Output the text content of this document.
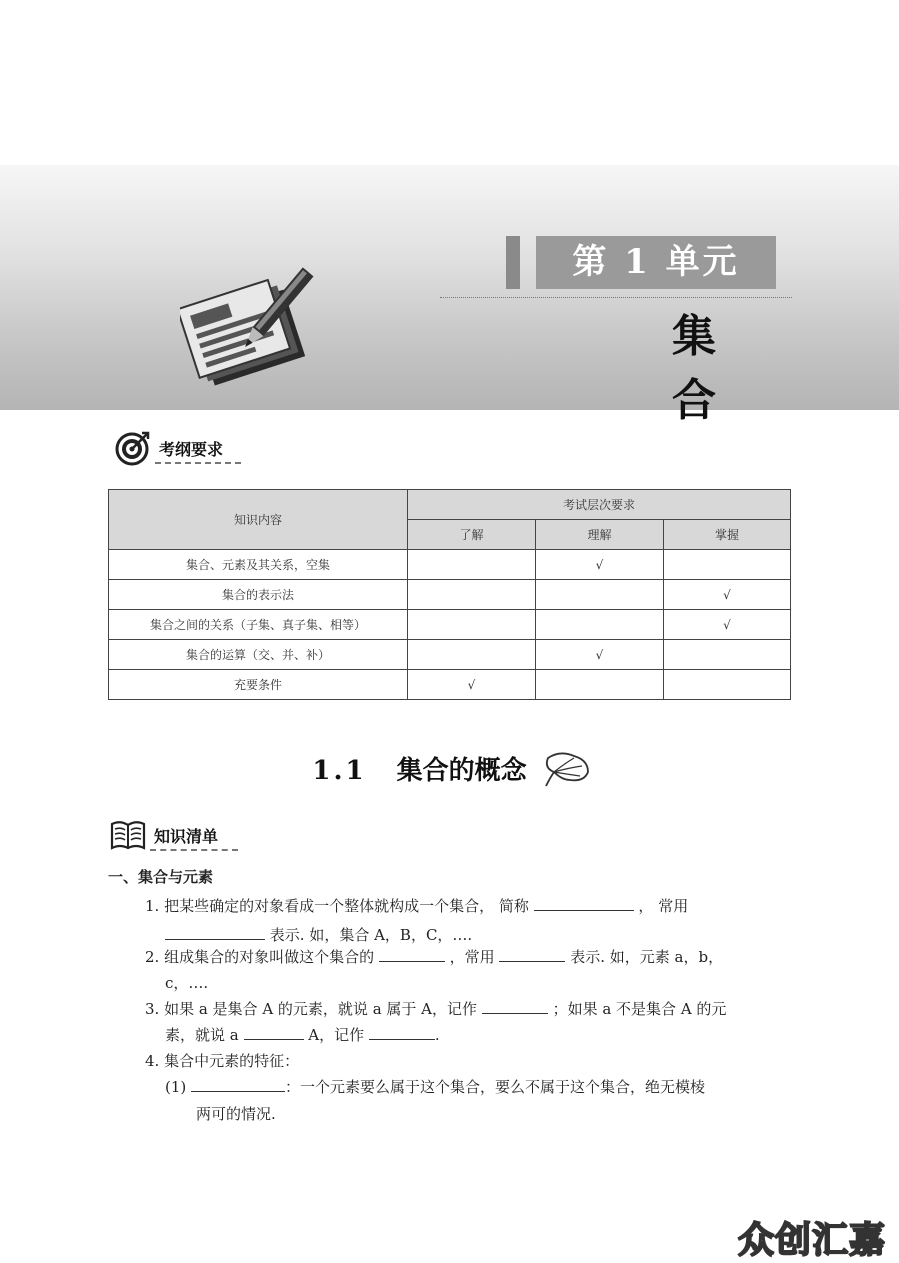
第 1 单元
集 合
考纲要求
知识内容	考试层次要求		
	了解	理解	掌握
集合、元素及其关系，空集		√	
集合的表示法			√
集合之间的关系（子集、真子集、相等）			√
集合的运算（交、并、补）		√	
充要条件	√		
1.1 集合的概念
知识清单
一、集合与元素
1. 把某些确定的对象看成一个整体就构成一个集合， 简称	， 常用
表示. 如，集合 A，B，C，….
2. 组成集合的对象叫做这个集合的	，常用	表示. 如，元素 a，b，
c，….
3. 如果 a 是集合 A 的元素，就说 a 属于 A，记作	；如果 a 不是集合 A 的元
素，就说 a	A，记作	.
4. 集合中元素的特征：
(1)	：一个元素要么属于这个集合，要么不属于这个集合，绝无模棱
两可的情况.
众创汇嘉
